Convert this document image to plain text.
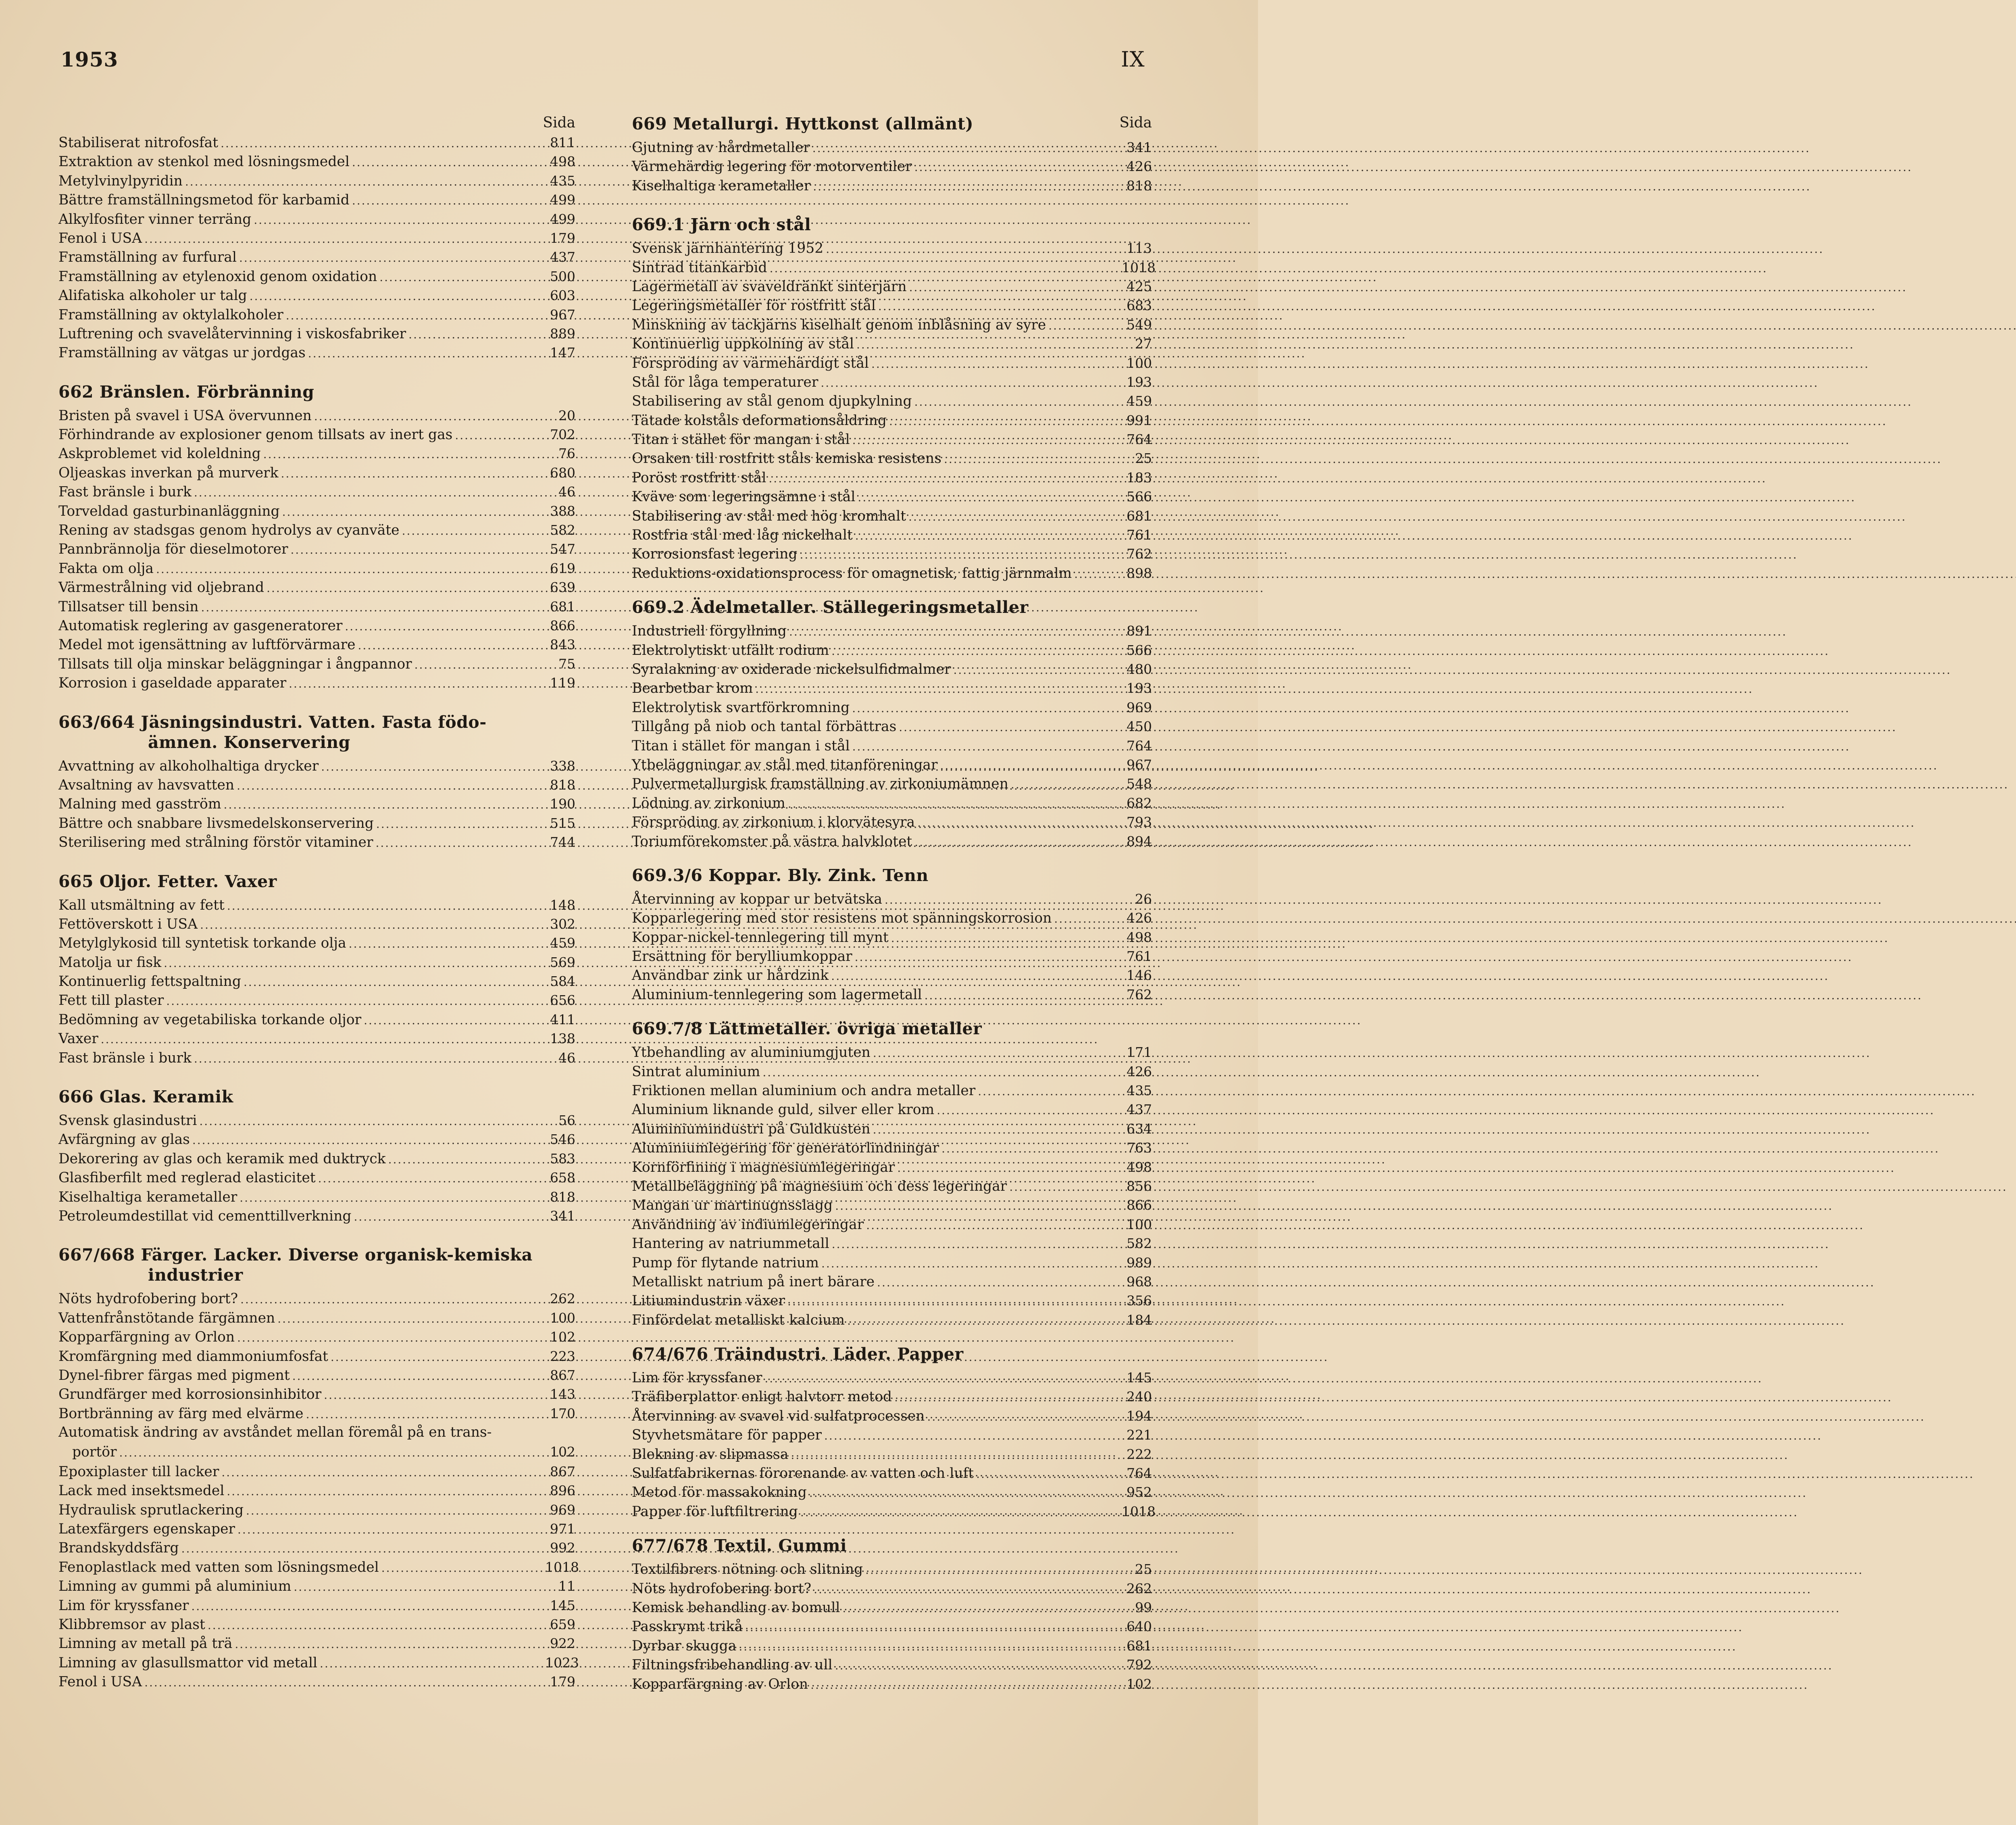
1953	IX
Sida
Stabiliserat nitrofosfat .....	811
Extraktion av stenkol med lösningsmedel .....	498
Metylvinylpyridin .....	435
Bättre framställningsmetod för karbamid .....	499
Alkylfosfiter vinner terräng .....	499
Fenol i USA .....	179
Framställning av furfural .....	437
Framställning av etylenoxid genom oxidation .....	500
Alifatiska alkoholer ur talg .....	603
Framställning av oktylalkoholer .....	967
Luftrening och svavelåtervinning i viskosfabriker .....	889
Framställning av vätgas ur jordgas .....	147
662 Bränslen. Förbränning
Bristen på svavel i USA övervunnen .....	20
Förhindrande av explosioner genom tillsats av inert gas .....	702
Askproblemet vid koleldning .....	76
Oljeaskas inverkan på murverk .....	680
Fast bränsle i burk .....	46
Torveldad gasturbinanläggning .....	388
Rening av stadsgas genom hydrolys av cyanväte .....	582
Pannbrännolja för dieselmotorer .....	547
Fakta om olja .....	619
Värmestrålning vid oljebrand .....	639
Tillsatser till bensin .....	681
Automatisk reglering av gasgeneratorer .....	866
Medel mot igensättning av luftförvärmare .....	843
Tillsats till olja minskar beläggningar i ångpannor .....	75
Korrosion i gaseldade apparater .....	119
663/664 Jäsningsindustri. Vatten. Fasta födo-
ämnen. Konservering
Avvattning av alkoholhaltiga drycker .....	338
Avsaltning av havsvatten .....	818
Malning med gasström .....	190
Bättre och snabbare livsmedelskonservering .....	515
Sterilisering med strålning förstör vitaminer .....	744
665 Oljor. Fetter. Vaxer
Kall utsmältning av fett .....	148
Fettöverskott i USA .....	302
Metylglykosid till syntetisk torkande olja .....	459
Matolja ur fisk .....	569
Kontinuerlig fettspaltning .....	584
Fett till plaster .....	656
Bedömning av vegetabiliska torkande oljor .....	411
Vaxer .....	138
Fast bränsle i burk .....	46
666 Glas. Keramik
Svensk glasindustri .....	56
Avfärgning av glas .....	546
Dekorering av glas och keramik med duktryck .....	583
Glasfiberfilt med reglerad elasticitet .....	658
Kiselhaltiga kerametaller .....	818
Petroleumdestillat vid cementtillverkning .....	341
667/668 Färger. Lacker. Diverse organisk-kemiska
industrier
Nöts hydrofobering bort? .....	262
Vattenfrånstötande färgämnen .....	100
Kopparfärgning av Orlon .....	102
Kromfärgning med diammoniumfosfat .....	223
Dynel-fibrer färgas med pigment .....	867
Grundfärger med korrosionsinhibitor .....	143
Bortbränning av färg med elvärme .....	170
Automatisk ändring av avståndet mellan föremål på en trans-
portör .....	102
Epoxiplaster till lacker .....	867
Lack med insektsmedel .....	896
Hydraulisk sprutlackering .....	969
Latexfärgers egenskaper .....	971
Brandskyddsfärg .....	992
Fenoplastlack med vatten som lösningsmedel .....	1018
Limning av gummi på aluminium .....	11
Lim för kryssfaner .....	145
Klibbremsor av plast .....	659
Limning av metall på trä .....	922
Limning av glasullsmattor vid metall .....	1023
Fenol i USA .....	179
Sida
669 Metallurgi. Hyttkonst (allmänt)
Gjutning av hårdmetaller .....	341
Värmehärdig legering för motorventiler .....	426
Kiselhaltiga kerametaller .....	818
669.1 Järn och stål
Svensk järnhantering 1952 .....	113
Sintrad titankarbid .....	1018
Lagermetall av svaveldränkt sinterjärn .....	425
Legeringsmetaller för rostfritt stål .....	683
Minskning av tackjärns kiselhalt genom inblåsning av syre .....	549
Kontinuerlig uppkolning av stål .....	27
Förspröding av värmehärdigt stål .....	100
Stål för låga temperaturer .....	193
Stabilisering av stål genom djupkylning .....	459
Tätade kolståls deformationsåldring .....	991
Titan i stället för mangan i stål .....	764
Orsaken till rostfritt ståls kemiska resistens .....	25
Poröst rostfritt stål .....	183
Kväve som legeringsämne i stål .....	566
Stabilisering av stål med hög kromhalt .....	681
Rostfria stål med låg nickelhalt .....	761
Korrosionsfast legering .....	762
Reduktions-oxidationsprocess för omagnetisk, fattig järnmalm .....	898
669.2 Ädelmetaller. Ställegeringsmetaller
Industriell förgyllning .....	891
Elektrolytiskt utfällt rodium .....	566
Syralakning av oxiderade nickelsulfidmalmer .....	480
Bearbetbar krom .....	193
Elektrolytisk svartförkromning .....	969
Tillgång på niob och tantal förbättras .....	450
Titan i stället för mangan i stål .....	764
Ytbeläggningar av stål med titanföreningar .....	967
Pulvermetallurgisk framställning av zirkoniumämnen .....	548
Lödning av zirkonium .....	682
Förspröding av zirkonium i klorvätesyra .....	793
Toriumförekomster på västra halvklotet .....	894
669.3/6 Koppar. Bly. Zink. Tenn
Återvinning av koppar ur betvätska .....	26
Kopparlegering med stor resistens mot spänningskorrosion .....	426
Koppar-nickel-tennlegering till mynt .....	498
Ersättning för berylliumkoppar .....	761
Användbar zink ur hårdzink .....	146
Aluminium-tennlegering som lagermetall .....	762
669.7/8 Lättmetaller. övriga metaller
Ytbehandling av aluminiumgjuten .....	171
Sintrat aluminium .....	426
Friktionen mellan aluminium och andra metaller .....	435
Aluminium liknande guld, silver eller krom .....	437
Aluminiumindustri på Guldkusten .....	634
Aluminiumlegering för generatorlindningar .....	763
Kornförfining i magnesiumlegeringar .....	498
Metallbeläggning på magnesium och dess legeringar .....	856
Mangan ur martinugnsslagg .....	866
Användning av indiumlegeringar .....	100
Hantering av natriummetall .....	582
Pump för flytande natrium .....	989
Metalliskt natrium på inert bärare .....	968
Litiumindustrin växer .....	356
Finfördelat metalliskt kalcium .....	184
674/676 Träindustri. Läder. Papper
Lim för kryssfaner .....	145
Träfiberplattor enligt halvtorr metod .....	240
Återvinning av svavel vid sulfatprocessen .....	194
Styvhetsmätare för papper .....	221
Blekning av slipmassa .....	222
Sulfatfabrikernas förorenande av vatten och luft .....	764
Metod för massakokning .....	952
Papper för luftfiltrering .....	1018
677/678 Textil. Gummi
Textilfibrers nötning och slitning .....	25
Nöts hydrofobering bort? .....	262
Kemisk behandling av bomull .....	99
Passkrymt trikå .....	640
Dyrbar skugga .....	681
Filtningsfribehandling av ull .....	792
Kopparfärgning av Orlon .....	102
